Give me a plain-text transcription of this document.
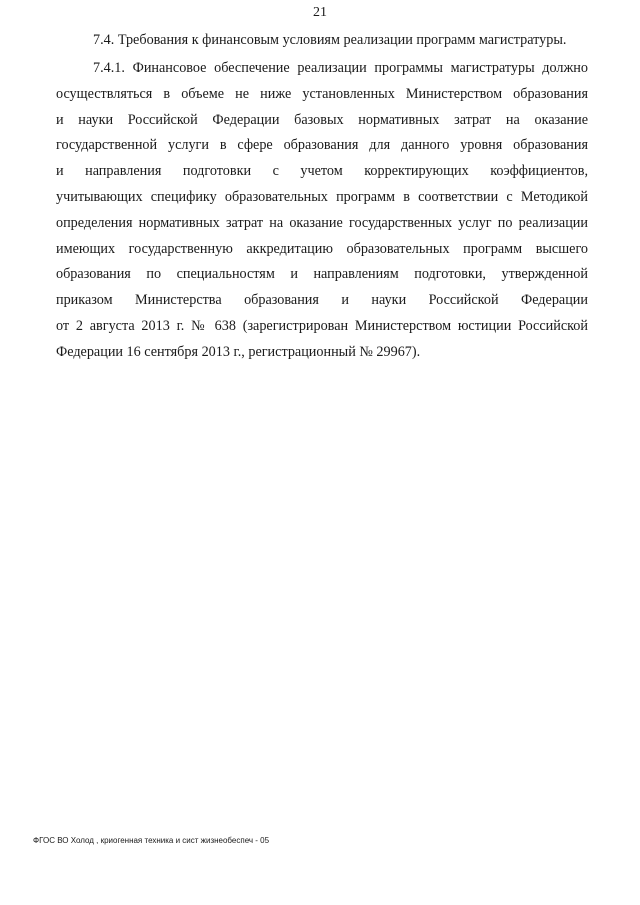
21
7.4. Требования к финансовым условиям реализации программ магистратуры.
7.4.1. Финансовое обеспечение реализации программы магистратуры должно
осуществляться в объеме не ниже установленных Министерством образования
и науки Российской Федерации базовых нормативных затрат на оказание
государственной услуги в сфере образования для данного уровня образования
и направления подготовки с учетом корректирующих коэффициентов,
учитывающих специфику образовательных программ в соответствии с Методикой
определения нормативных затрат на оказание государственных услуг по реализации
имеющих государственную аккредитацию образовательных программ высшего
образования по специальностям и направлениям подготовки, утвержденной
приказом Министерства образования и науки Российской Федерации
от 2 августа 2013 г. № 638 (зарегистрирован Министерством юстиции Российской
Федерации 16 сентября 2013 г., регистрационный № 29967).
ФГОС ВО Холод , криогенная техника и сист жизнеобеспеч - 05
